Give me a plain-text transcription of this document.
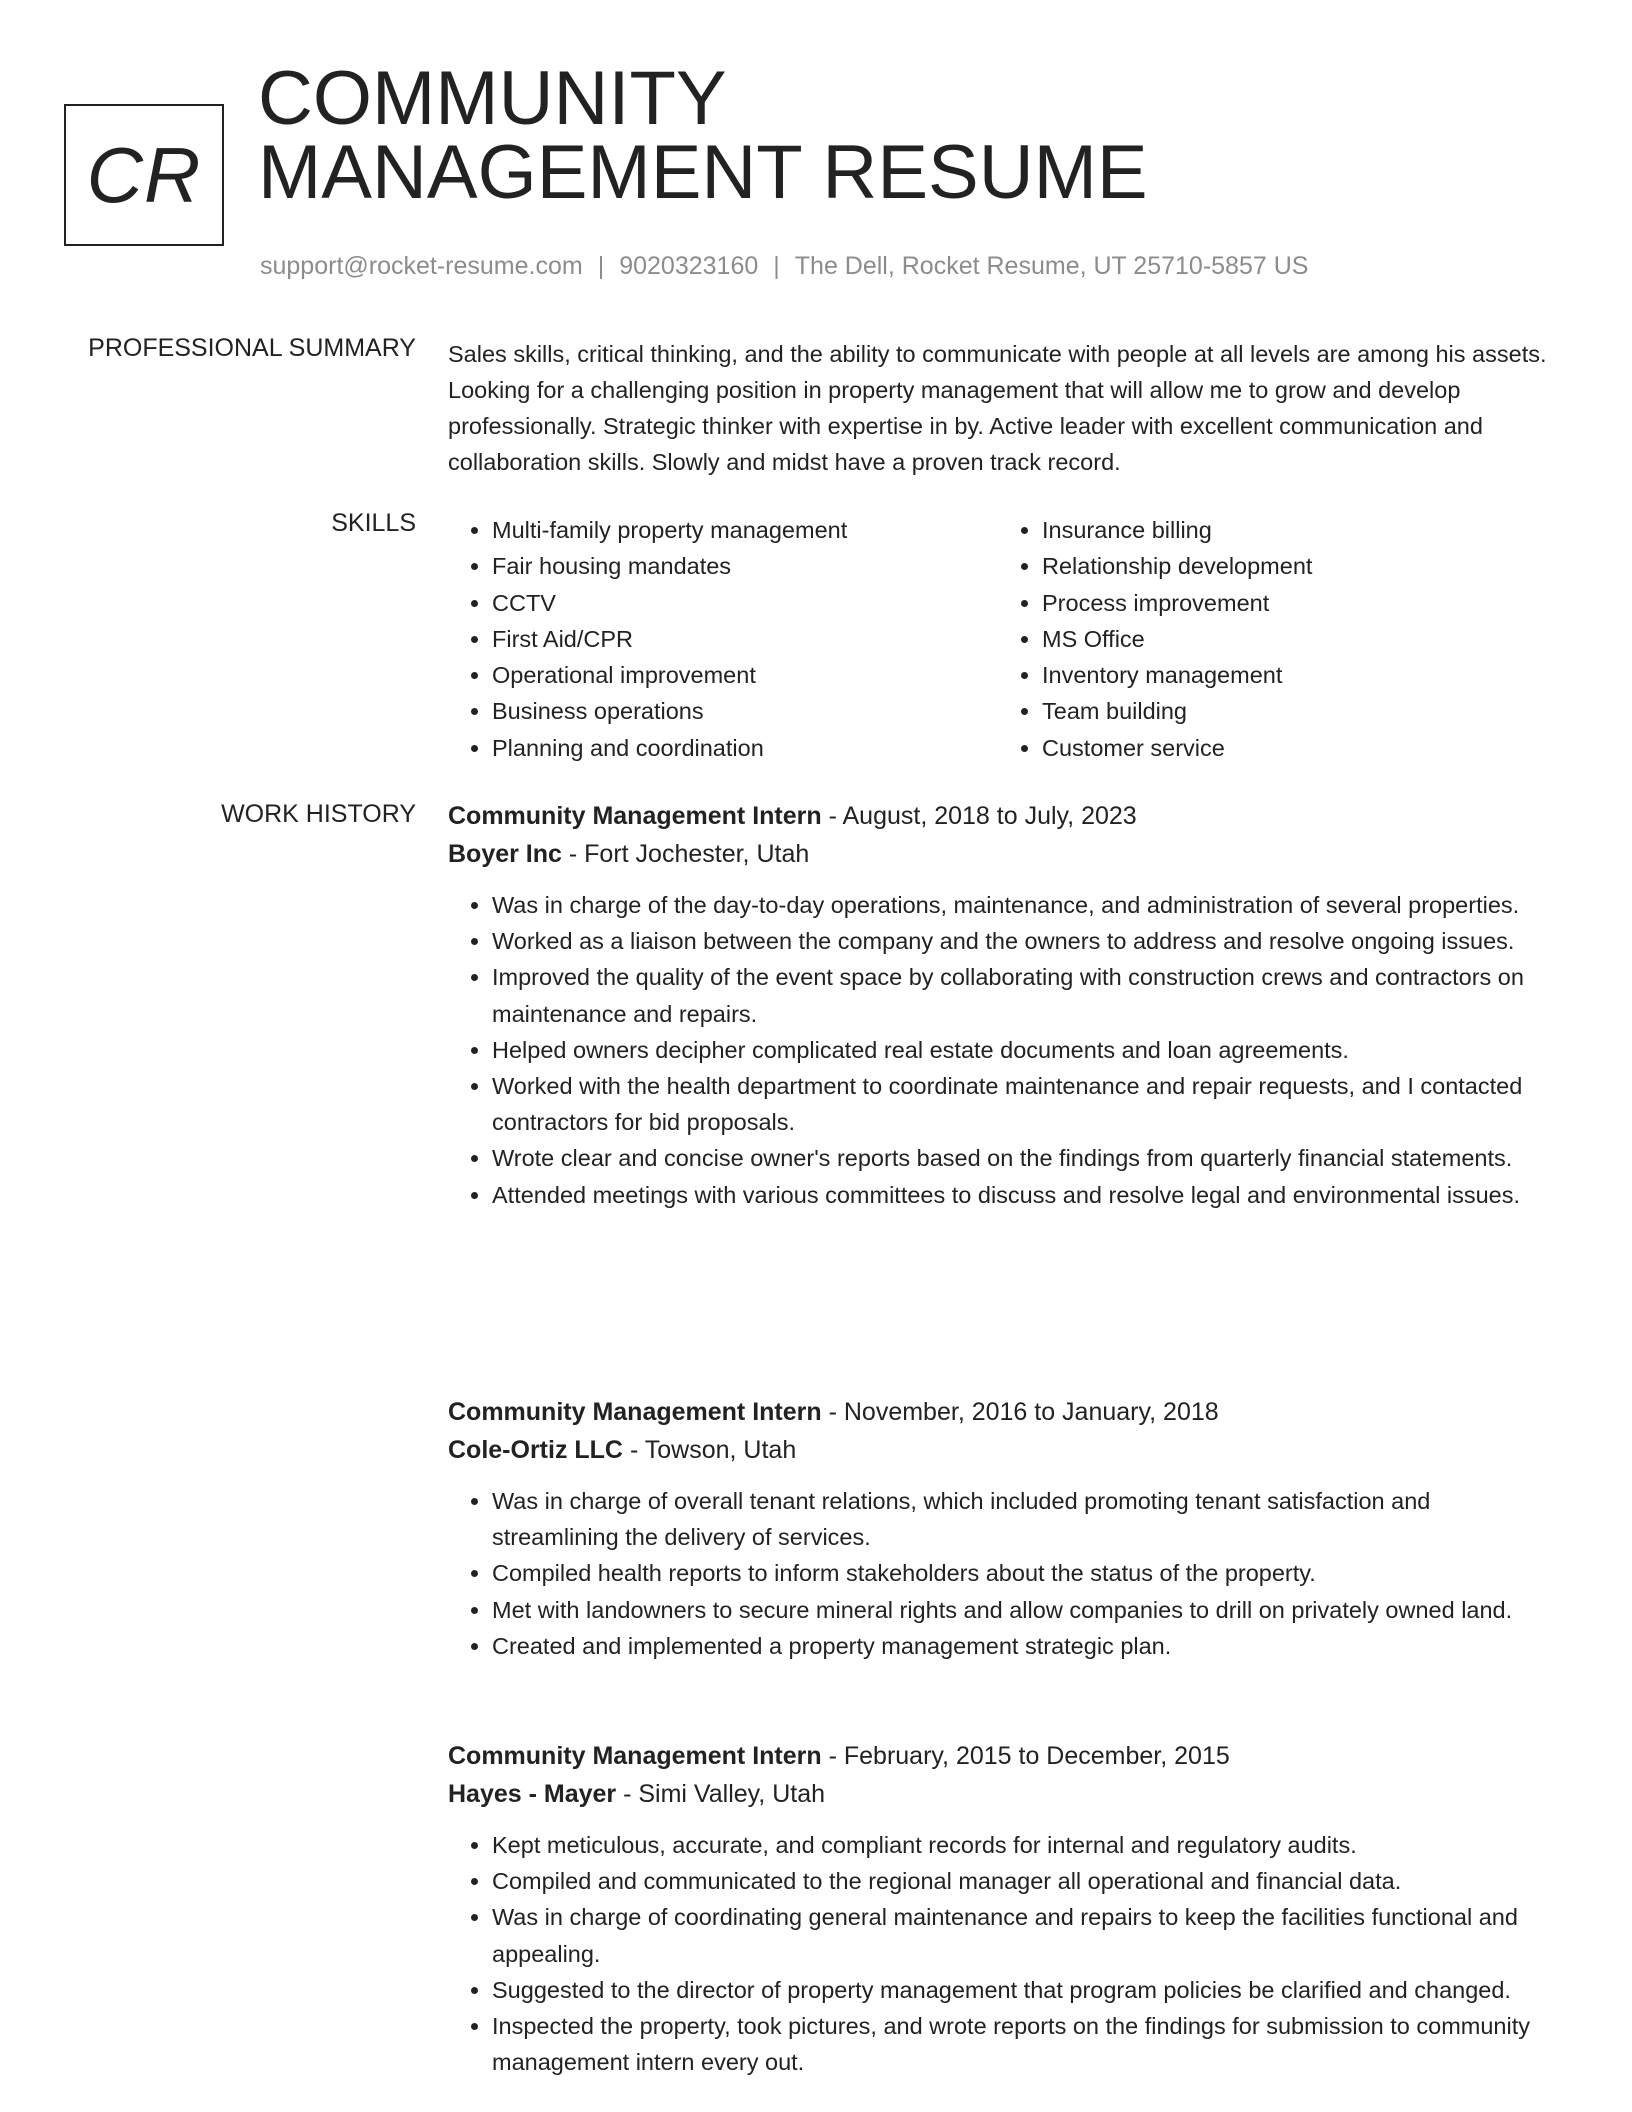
CR
COMMUNITY
MANAGEMENT RESUME
support@rocket-resume.com | 9020323160 | The Dell, Rocket Resume, UT 25710-5857 US
PROFESSIONAL SUMMARY Sales skills, critical thinking, and the ability to communicate with people at all levels are among his assets. Looking for a challenging position in property management that will allow me to grow and develop professionally. Strategic thinker with expertise in by. Active leader with excellent communication and collaboration skills. Slowly and midst have a proven track record.
SKILLS
•	Multi-family property management
• Fair housing mandates
• CCTV
• First Aid/CPR
• Operational improvement
• Business operations
• Planning and coordination
• Insurance billing
• Relationship development
• Process improvement
• MS Office
• Inventory management
• Team building
• Customer service
WORK HISTORY Community Management Intern - August, 2018 to July, 2023
Boyer Inc - Fort Jochester, Utah
• Was in charge of the day-to-day operations, maintenance, and administration of several properties.
• Worked as a liaison between the company and the owners to address and resolve ongoing issues.
• Improved the quality of the event space by collaborating with construction crews and contractors on maintenance and repairs.
• Helped owners decipher complicated real estate documents and loan agreements.
• Worked with the health department to coordinate maintenance and repair requests, and I contacted contractors for bid proposals.
• Wrote clear and concise owner's reports based on the findings from quarterly financial statements.
• Attended meetings with various committees to discuss and resolve legal and environmental issues.
Community Management Intern - November, 2016 to January, 2018
Cole-Ortiz LLC - Towson, Utah
• Was in charge of overall tenant relations, which included promoting tenant satisfaction and streamlining the delivery of services.
• Compiled health reports to inform stakeholders about the status of the property.
• Met with landowners to secure mineral rights and allow companies to drill on privately owned land.
• Created and implemented a property management strategic plan.
Community Management Intern - February, 2015 to December, 2015
Hayes - Mayer - Simi Valley, Utah
• Kept meticulous, accurate, and compliant records for internal and regulatory audits.
• Compiled and communicated to the regional manager all operational and financial data.
• Was in charge of coordinating general maintenance and repairs to keep the facilities functional and appealing.
• Suggested to the director of property management that program policies be clarified and changed.
• Inspected the property, took pictures, and wrote reports on the findings for submission to community management intern every out.
